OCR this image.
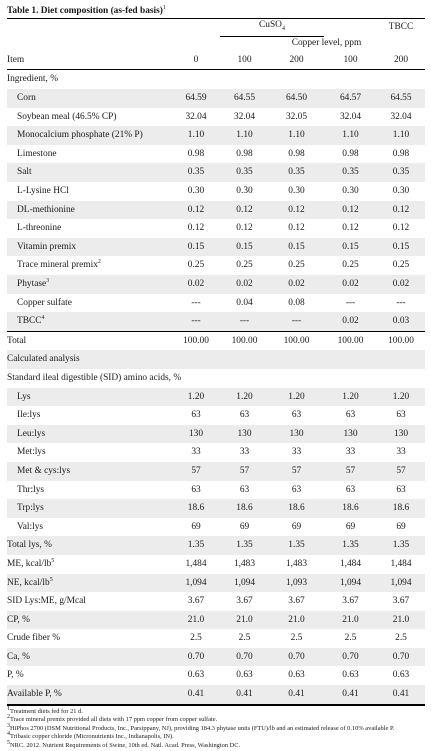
Table 1. Diet composition (as-fed basis)$^1$
		CuSO$_4$			TBCC
		Copper level, ppm			
Item	0	100	200	100	200
Ingredient, %					
Corn	64.59	64.55	64.50	64.57	64.55
Soybean meal (46.5% CP)	32.04	32.04	32.05	32.04	32.04
Monocalcium phosphate (21% P)	1.10	1.10	1.10	1.10	1.10
Limestone	0.98	0.98	0.98	0.98	0.98
Salt	0.35	0.35	0.35	0.35	0.35
L-Lysine HCl	0.30	0.30	0.30	0.30	0.30
DL-methionine	0.12	0.12	0.12	0.12	0.12
L-threonine	0.12	0.12	0.12	0.12	0.12
Vitamin premix	0.15	0.15	0.15	0.15	0.15
Trace mineral premix$^2$	0.25	0.25	0.25	0.25	0.25
Phytase$^3$	0.02	0.02	0.02	0.02	0.02
Copper sulfate	---	0.04	0.08	---	---
TBCC$^4$	---	---	---	0.02	0.03
Total	100.00	100.00	100.00	100.00	100.00
Calculated analysis					
Standard ileal digestible (SID) amino acids, %					
Lys	1.20	1.20	1.20	1.20	1.20
Ile:lys	63	63	63	63	63
Leu:lys	130	130	130	130	130
Met:lys	33	33	33	33	33
Met & cys:lys	57	57	57	57	57
Thr:lys	63	63	63	63	63
Trp:lys	18.6	18.6	18.6	18.6	18.6
Val:lys	69	69	69	69	69
Total lys, %	1.35	1.35	1.35	1.35	1.35
ME, kcal/$lb^5$	1,484	1,483	1,483	1,484	1,484
NE, kcal/$lb^5$	1,094	1,094	1,093	1,094	1,094
SID Lys:ME, g/Mcal	3.67	3.67	3.67	3.67	3.67
CP, %	21.0	21.0	21.0	21.0	21.0
Crude fiber %	2.5	2.5	2.5	2.5	2.5
Ca, %	0.70	0.70	0.70	0.70	0.70
P, %	0.63	0.63	0.63	0.63	0.63
Available P, %	0.41	0.41	0.41	0.41	0.41
$^1$Treatment diets fed for 21 d.
$^2$Trace mineral premix provided all diets with 17 ppm copper from copper sulfate.
$^3$HiPhos 2700 (DSM Nutritional Products, Inc., Parsippany, NJ), providing 184.3 phytase units (FTU)/lb and an estimated release of 0.10% available P.
$^4$Tribasic copper chloride (Micronutrients Inc., Indianapolis, IN).
$^5$NRC. 2012. Nutrient Requirements of Swine, 10th ed. Natl. Acad. Press, Washington DC.
